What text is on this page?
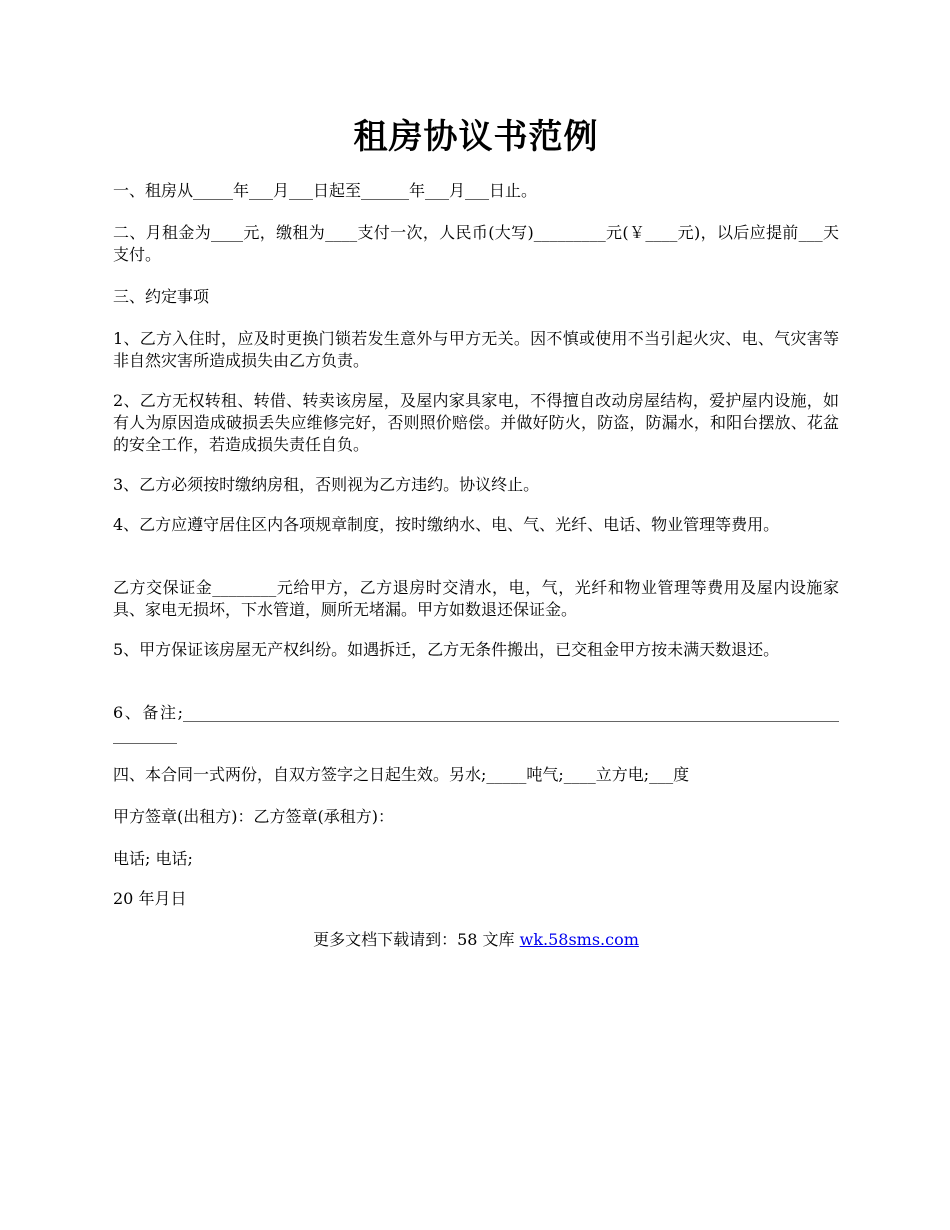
租房协议书范例

一、租房从_____年___月___日起至______年___月___日止。

二、月租金为____元，缴租为____支付一次，人民币(大写)_________元(￥____元)，以后应提前___天支付。

三、约定事项

1、乙方入住时，应及时更换门锁若发生意外与甲方无关。因不慎或使用不当引起火灾、电、气灾害等非自然灾害所造成损失由乙方负责。

2、乙方无权转租、转借、转卖该房屋，及屋内家具家电，不得擅自改动房屋结构，爱护屋内设施，如有人为原因造成破损丢失应维修完好，否则照价赔偿。并做好防火，防盗，防漏水，和阳台摆放、花盆的安全工作，若造成损失责任自负。

3、乙方必须按时缴纳房租，否则视为乙方违约。协议终止。

4、乙方应遵守居住区内各项规章制度，按时缴纳水、电、气、光纤、电话、物业管理等费用。

乙方交保证金________元给甲方，乙方退房时交清水，电，气，光纤和物业管理等费用及屋内设施家具、家电无损坏，下水管道，厕所无堵漏。甲方如数退还保证金。

5、甲方保证该房屋无产权纠纷。如遇拆迁，乙方无条件搬出，已交租金甲方按未满天数退还。

6、备注;__________________________________________________________________________________________

四、本合同一式两份，自双方签字之日起生效。另水;_____吨气;____立方电;___度

甲方签章(出租方)：乙方签章(承租方)：

电话; 电话;

20 年月日

更多文档下载请到：58 文库 wk.58sms.com
